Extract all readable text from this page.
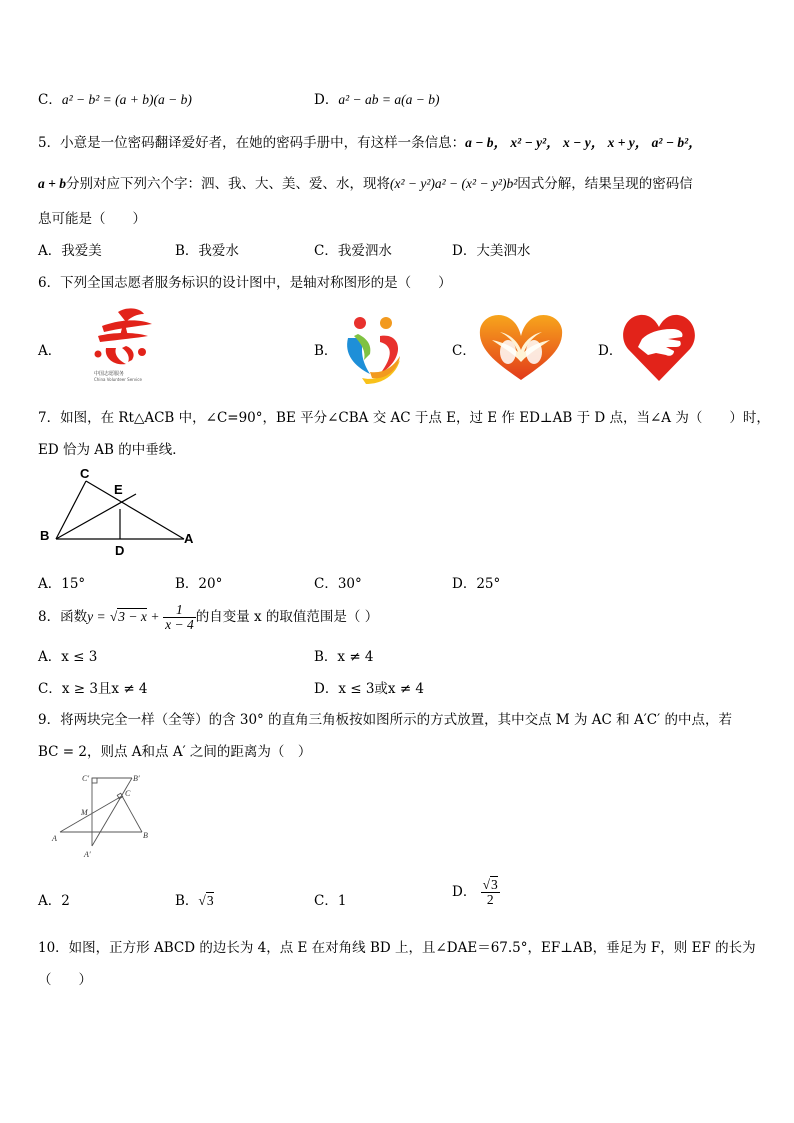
C．a² − b² = (a + b)(a − b)	D．a² − ab = a(a − b)
5．小意是一位密码翻译爱好者，在她的密码手册中，有这样一条信息：a − b， x² − y²， x − y， x + y， a² − b²，
a + b分别对应下列六个字：泗、我、大、美、爱、水，现将(x² − y²)a² − (x² − y²)b²因式分解，结果呈现的密码信
息可能是（　　）
A．我爱美	B．我爱水	C．我爱泗水	D．大美泗水
6．下列全国志愿者服务标识的设计图中，是轴对称图形的是（　　）
A．	B．	C．	D．
中国志愿服务
China Volunteer Service
7．如图，在 Rt△ACB 中，∠C=90°，BE 平分∠CBA 交 AC 于点 E，过 E 作 ED⊥AB 于 D 点，当∠A 为（　　）时，
ED 恰为 AB 的中垂线．
C
E
B
D
A
A．15°	B．20°	C．30°	D．25°
8．函数$y = √3 - x + \frac{1}{x - 4}$ 的自变量 x 的取值范围是（ ）
A．x ≤ 3	B．x ≠ 4
C．x ≥ 3且x ≠ 4	D．x ≤ 3或x ≠ 4
9．将两块完全一样（全等）的含 30° 的直角三角板按如图所示的方式放置，其中交点 M 为 AC 和 A′C′ 的中点，若
BC = 2，则点 A和点 A′ 之间的距离为（　）
C′	B′
C
M
A	B
A′
A．2	B．√3	C．1
D． $\frac{√3}{2}$
10．如图，正方形 ABCD 的边长为 4，点 E 在对角线 BD 上，且∠DAE＝67.5°，EF⊥AB，垂足为 F，则 EF 的长为
（　　）
